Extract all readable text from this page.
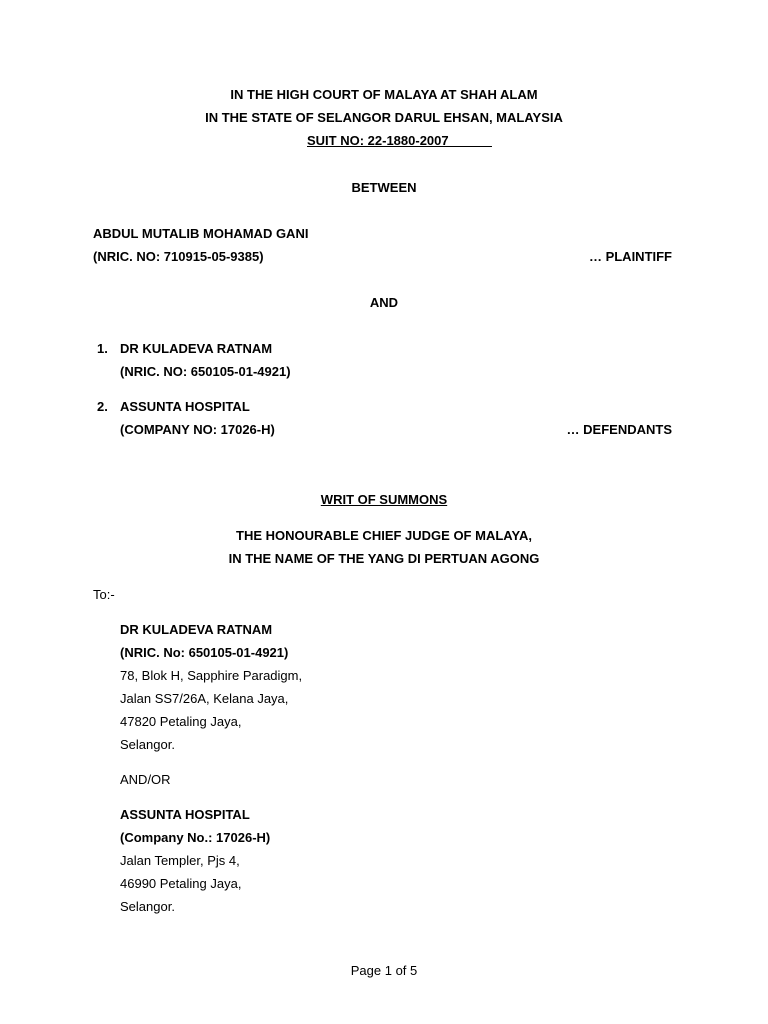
IN THE HIGH COURT OF MALAYA AT SHAH ALAM
IN THE STATE OF SELANGOR DARUL EHSAN, MALAYSIA
SUIT NO: 22-1880-2007
BETWEEN
ABDUL MUTALIB MOHAMAD GANI
(NRIC. NO: 710915-05-9385)	… PLAINTIFF
AND
1. DR KULADEVA RATNAM
(NRIC. NO: 650105-01-4921)
2. ASSUNTA HOSPITAL
(COMPANY NO: 17026-H)	… DEFENDANTS
WRIT OF SUMMONS
THE HONOURABLE CHIEF JUDGE OF MALAYA,
IN THE NAME OF THE YANG DI PERTUAN AGONG
To:-
DR KULADEVA RATNAM
(NRIC. No: 650105-01-4921)
78, Blok H, Sapphire Paradigm,
Jalan SS7/26A, Kelana Jaya,
47820 Petaling Jaya,
Selangor.
AND/OR
ASSUNTA HOSPITAL
(Company No.: 17026-H)
Jalan Templer, Pjs 4,
46990 Petaling Jaya,
Selangor.
Page 1 of 5
